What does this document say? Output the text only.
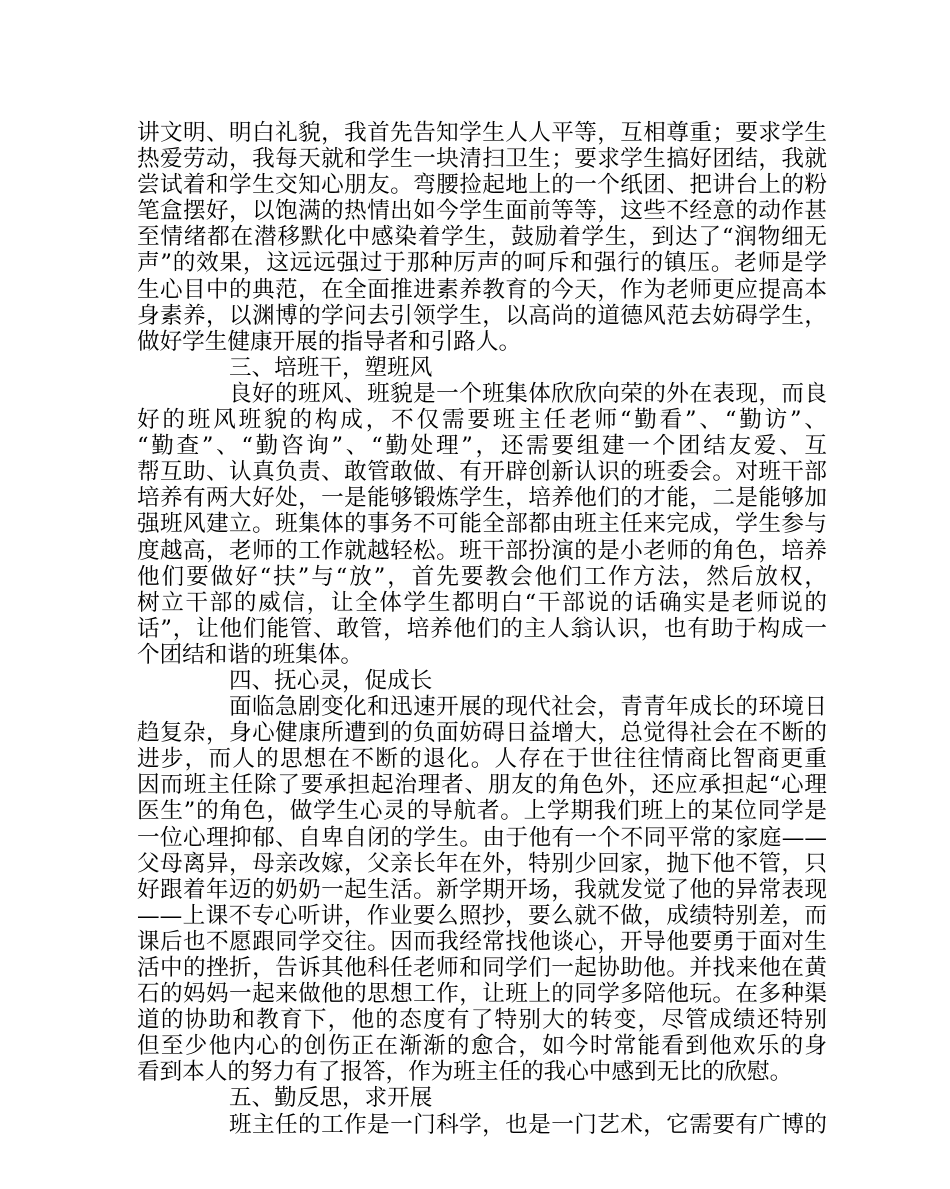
讲文明、明白礼貌，我首先告知学生人人平等，互相尊重；要求学生
热爱劳动，我每天就和学生一块清扫卫生；要求学生搞好团结，我就
尝试着和学生交知心朋友。弯腰捡起地上的一个纸团、把讲台上的粉
笔盒摆好，以饱满的热情出如今学生面前等等，这些不经意的动作甚
至情绪都在潜移默化中感染着学生，鼓励着学生，到达了“润物细无
声”的效果，这远远强过于那种厉声的呵斥和强行的镇压。老师是学
生心目中的典范，在全面推进素养教育的今天，作为老师更应提高本
身素养，以渊博的学问去引领学生，以高尚的道德风范去妨碍学生，
做好学生健康开展的指导者和引路人。
三、培班干，塑班风
良好的班风、班貌是一个班集体欣欣向荣的外在表现，而良
好的班风班貌的构成，不仅需要班主任老师“勤看”、“勤访”、
“勤查”、“勤咨询”、“勤处理”，还需要组建一个团结友爱、互
帮互助、认真负责、敢管敢做、有开辟创新认识的班委会。对班干部
培养有两大好处，一是能够锻炼学生，培养他们的才能，二是能够加
强班风建立。班集体的事务不可能全部都由班主任来完成，学生参与
度越高，老师的工作就越轻松。班干部扮演的是小老师的角色，培养
他们要做好“扶”与“放”，首先要教会他们工作方法，然后放权，
树立干部的威信，让全体学生都明白“干部说的话确实是老师说的
话”，让他们能管、敢管，培养他们的主人翁认识，也有助于构成一
个团结和谐的班集体。
四、抚心灵，促成长
面临急剧变化和迅速开展的现代社会，青青年成长的环境日
趋复杂，身心健康所遭到的负面妨碍日益增大，总觉得社会在不断的
进步，而人的思想在不断的退化。人存在于世往往情商比智商更重
因而班主任除了要承担起治理者、朋友的角色外，还应承担起“心理
医生”的角色，做学生心灵的导航者。上学期我们班上的某位同学是
一位心理抑郁、自卑自闭的学生。由于他有一个不同平常的家庭——
父母离异，母亲改嫁，父亲长年在外，特别少回家，抛下他不管，只
好跟着年迈的奶奶一起生活。新学期开场，我就发觉了他的异常表现
——上课不专心听讲，作业要么照抄，要么就不做，成绩特别差，而
课后也不愿跟同学交往。因而我经常找他谈心，开导他要勇于面对生
活中的挫折，告诉其他科任老师和同学们一起协助他。并找来他在黄
石的妈妈一起来做他的思想工作，让班上的同学多陪他玩。在多种渠
道的协助和教育下，他的态度有了特别大的转变，尽管成绩还特别
但至少他内心的创伤正在渐渐的愈合，如今时常能看到他欢乐的身
看到本人的努力有了报答，作为班主任的我心中感到无比的欣慰。
五、勤反思，求开展
班主任的工作是一门科学，也是一门艺术，它需要有广博的
